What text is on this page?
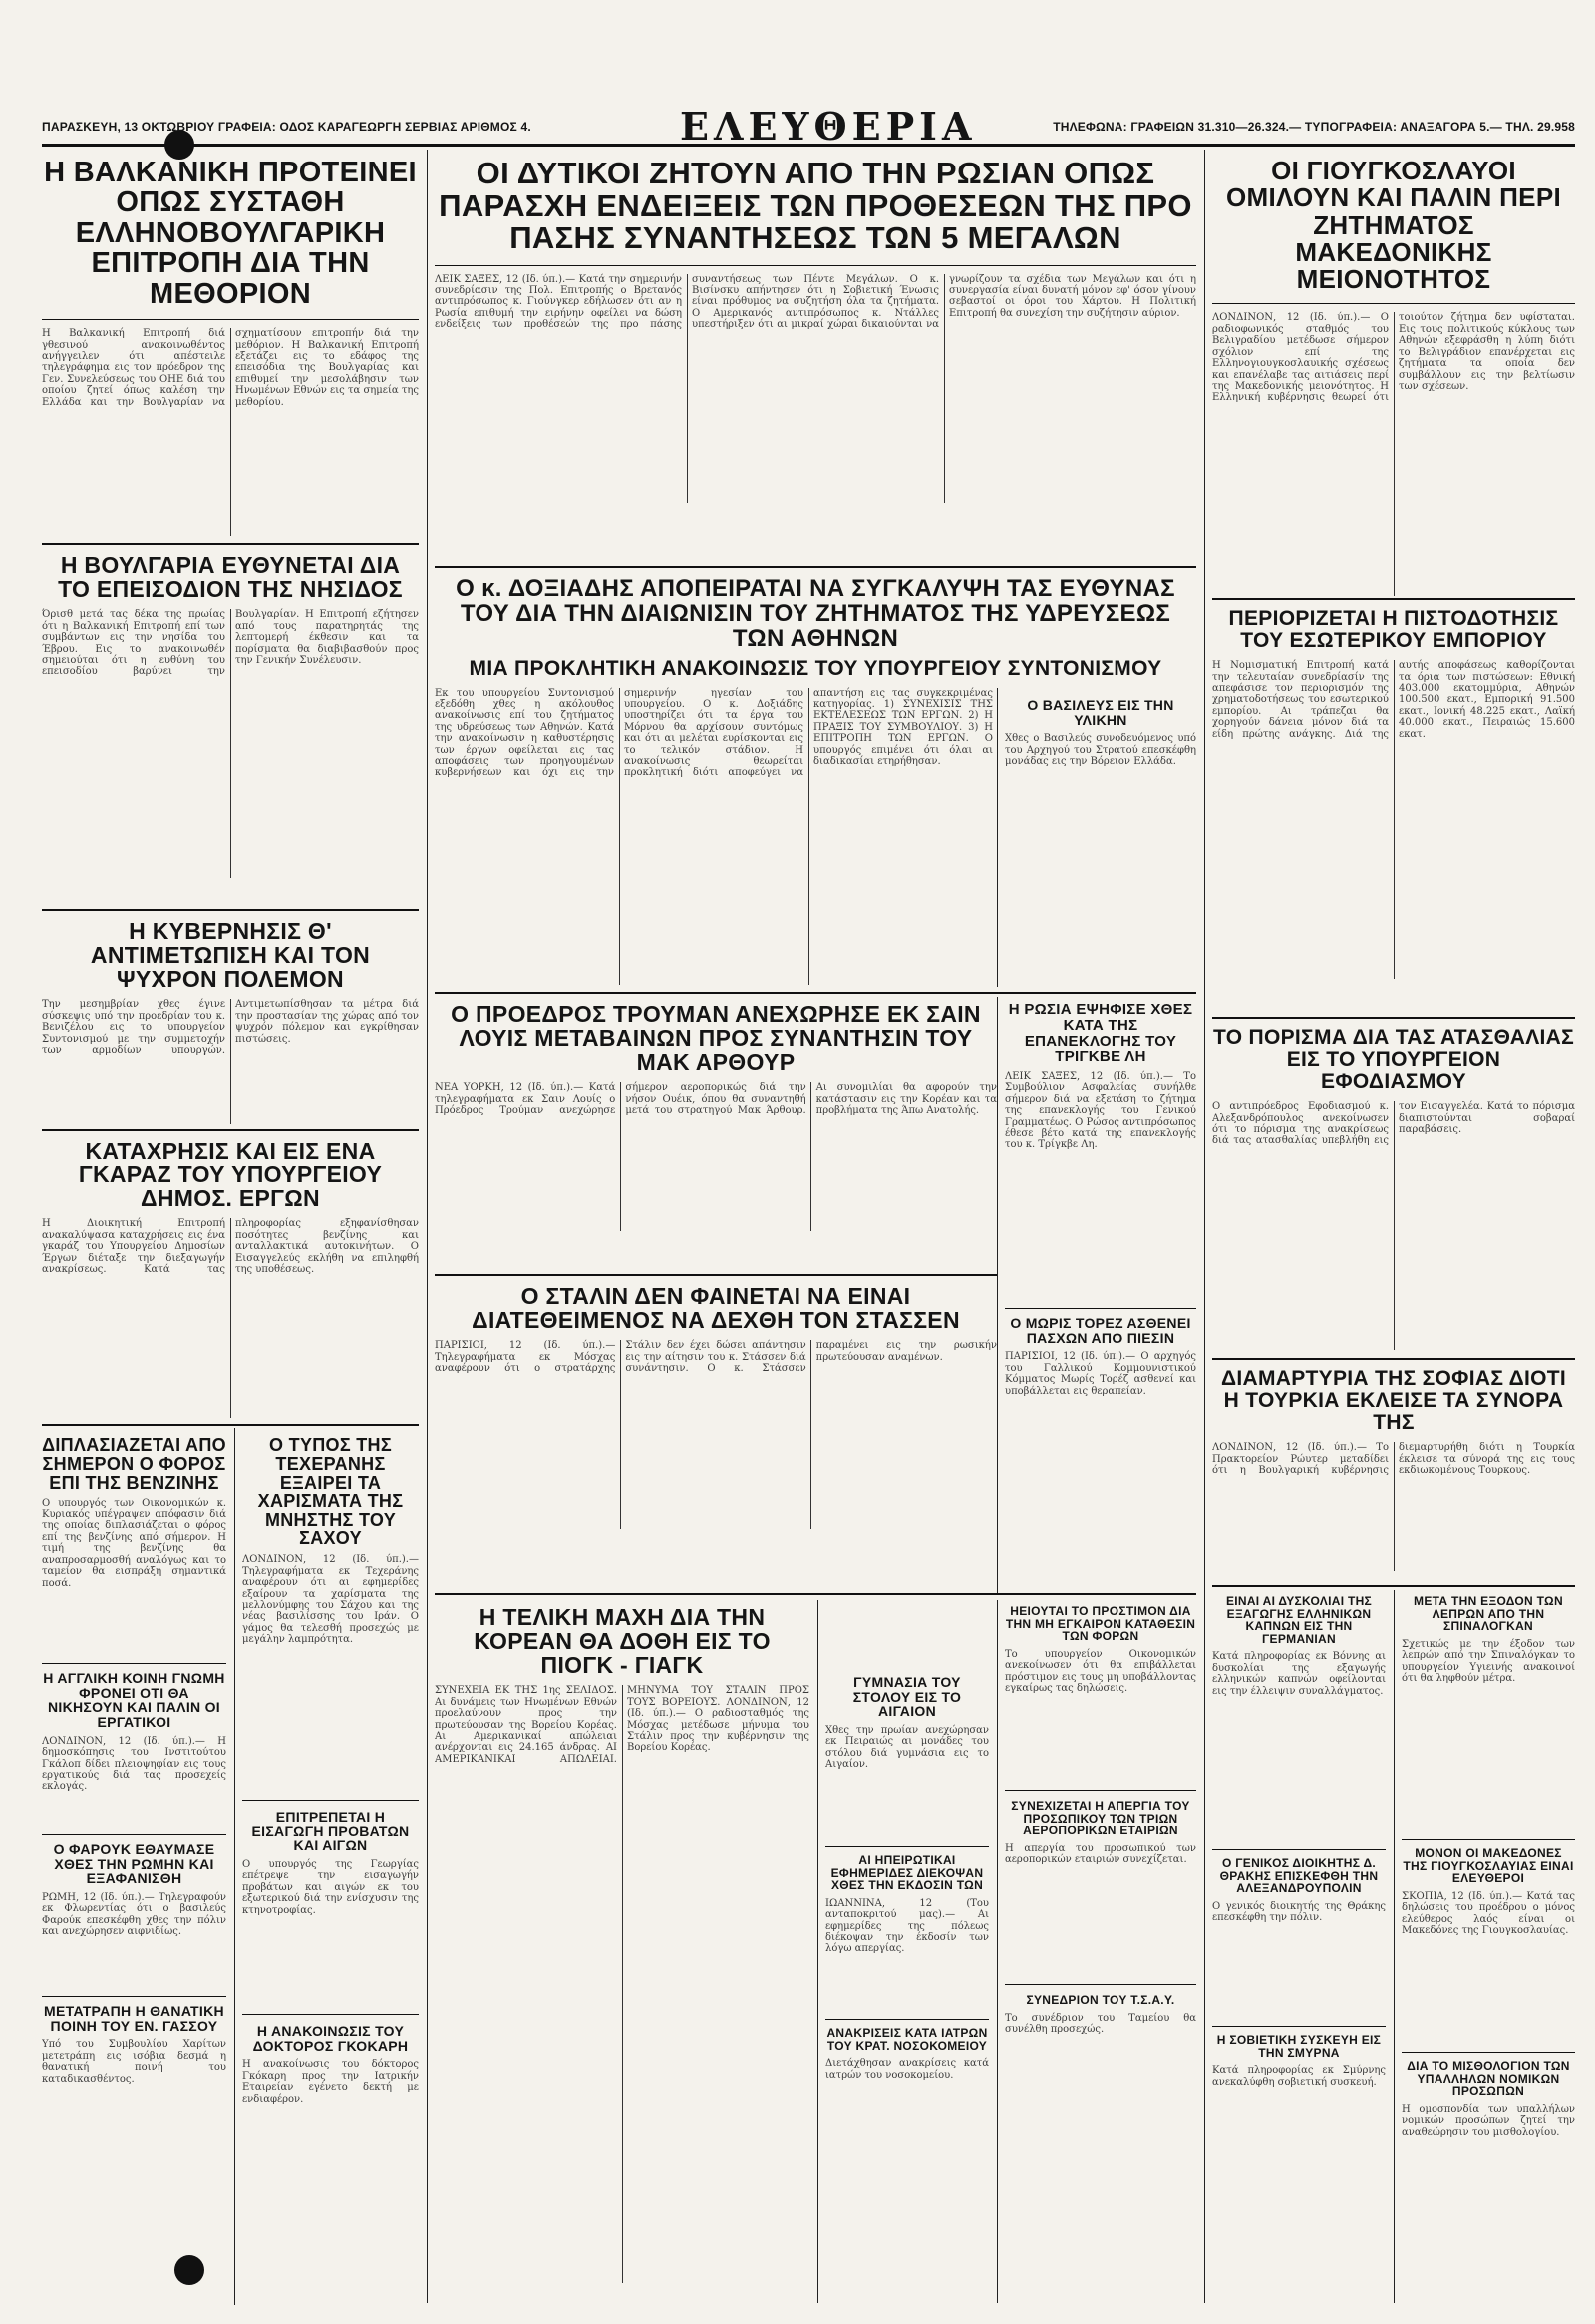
ΠΑΡΑΣΚΕΥΗ, 13 ΟΚΤΩΒΡΙΟΥ ΓΡΑΦΕΙΑ: ΟΔΟΣ ΚΑΡΑΓΕΩΡΓΗ ΣΕΡΒΙΑΣ ΑΡΙΘΜΟΣ 4.	ΕΛΕΥΘΕΡΙΑ	ΤΗΛΕΦΩΝΑ: ΓΡΑΦΕΙΩΝ 31.310—26.324.— ΤΥΠΟΓΡΑΦΕΙΑ: ΑΝΑΞΑΓΟΡΑ 5.— ΤΗΛ. 29.958
Η ΒΑΛΚΑΝΙΚΗ ΠΡΟΤΕΙΝΕΙ ΟΠΩΣ ΣΥΣΤΑΘΗ ΕΛΛΗΝΟΒΟΥΛΓΑΡΙΚΗ ΕΠΙΤΡΟΠΗ ΔΙΑ ΤΗΝ ΜΕΘΟΡΙΟΝ

Η Βαλκανική Επιτροπή διά γθεσινού ανακοινωθέντος ανήγγειλεν ότι απέστειλε τηλεγράφημα εις τον πρόεδρον της Γεν. Συνελεύσεως του ΟΗΕ διά του οποίου ζητεί όπως καλέση την Ελλάδα και την Βουλγαρίαν να σχηματίσουν επιτροπήν διά την μεθόριον. Η Βαλκανική Επιτροπή εξετάζει εις το εδάφος της επεισόδια της Βουλγαρίας και επιθυμεί την μεσολάβησιν των Ηνωμένων Εθνών εις τα σημεία της μεθορίου.

Η ΒΟΥΛΓΑΡΙΑ ΕΥΘΥΝΕΤΑΙ ΔΙΑ ΤΟ ΕΠΕΙΣΟΔΙΟΝ ΤΗΣ ΝΗΣΙΔΟΣ

Όρισθ μετά τας δέκα της πρωίας ότι η Βαλκανική Επιτροπή επί των συμβάντων εις την νησίδα του Έβρου. Εις το ανακοινωθέν σημειούται ότι η ευθύνη του επεισοδίου βαρύνει την Βουλγαρίαν. Η Επιτροπή εζήτησεν από τους παρατηρητάς της λεπτομερή έκθεσιν και τα πορίσματα θα διαβιβασθούν προς την Γενικήν Συνέλευσιν.

Η ΚΥΒΕΡΝΗΣΙΣ Θ' ΑΝΤΙΜΕΤΩΠΙΣΗ ΚΑΙ ΤΟΝ ΨΥΧΡΟΝ ΠΟΛΕΜΟΝ

Την μεσημβρίαν χθες έγινε σύσκεψις υπό την προεδρίαν του κ. Βενιζέλου εις το υπουργείον Συντονισμού με την συμμετοχήν των αρμοδίων υπουργών. Αντιμετωπίσθησαν τα μέτρα διά την προστασίαν της χώρας από τον ψυχρόν πόλεμον και εγκρίθησαν πιστώσεις.

ΚΑΤΑΧΡΗΣΙΣ ΚΑΙ ΕΙΣ ΕΝΑ ΓΚΑΡΑΖ ΤΟΥ ΥΠΟΥΡΓΕΙΟΥ ΔΗΜΟΣ. ΕΡΓΩΝ

Η Διοικητική Επιτροπή ανακαλύψασα καταχρήσεις εις ένα γκαράζ του Υπουργείου Δημοσίων Έργων διέταξε την διεξαγωγήν ανακρίσεως. Κατά τας πληροφορίας εξηφανίσθησαν ποσότητες βενζίνης και ανταλλακτικά αυτοκινήτων. Ο Εισαγγελεύς εκλήθη να επιληφθή της υποθέσεως.

ΔΙΠΛΑΣΙΑΖΕΤΑΙ ΑΠΟ ΣΗΜΕΡΟΝ Ο ΦΟΡΟΣ ΕΠΙ ΤΗΣ ΒΕΝΖΙΝΗΣ

Ο υπουργός των Οικονομικών κ. Κυριακός υπέγραψεν απόφασιν διά της οποίας διπλασιάζεται ο φόρος επί της βενζίνης από σήμερον. Η τιμή της βενζίνης θα αναπροσαρμοσθή αναλόγως και το ταμείον θα εισπράξη σημαντικά ποσά.

Η ΑΓΓΛΙΚΗ ΚΟΙΝΗ ΓΝΩΜΗ ΦΡΟΝΕΙ ΟΤΙ ΘΑ ΝΙΚΗΣΟΥΝ ΚΑΙ ΠΑΛΙΝ ΟΙ ΕΡΓΑΤΙΚΟΙ

ΛΟΝΔΙΝΟΝ, 12 (Ιδ. ύπ.).— Η δημοσκόπησις του Ινστιτούτου Γκάλοπ δίδει πλειοψηφίαν εις τους εργατικούς διά τας προσεχείς εκλογάς.

Ο ΦΑΡΟΥΚ ΕΘΑΥΜΑΣΕ ΧΘΕΣ ΤΗΝ ΡΩΜΗΝ ΚΑΙ ΕΞΑΦΑΝΙΣΘΗ

ΡΩΜΗ, 12 (Ιδ. ύπ.).— Τηλεγραφούν εκ Φλωρεντίας ότι ο βασιλεύς Φαρούκ επεσκέφθη χθες την πόλιν και ανεχώρησεν αιφνιδίως.

ΜΕΤΑΤΡΑΠΗ Η ΘΑΝΑΤΙΚΗ ΠΟΙΝΗ ΤΟΥ ΕΝ. ΓΑΣΣΟΥ

Υπό του Συμβουλίου Χαρίτων μετετράπη εις ισόβια δεσμά η θανατική ποινή του καταδικασθέντος.

Ο ΤΥΠΟΣ ΤΗΣ ΤΕΧΕΡΑΝΗΣ ΕΞΑΙΡΕΙ ΤΑ ΧΑΡΙΣΜΑΤΑ ΤΗΣ ΜΝΗΣΤΗΣ ΤΟΥ ΣΑΧΟΥ

ΛΟΝΔΙΝΟΝ, 12 (Ιδ. ύπ.).— Τηλεγραφήματα εκ Τεχεράνης αναφέρουν ότι αι εφημερίδες εξαίρουν τα χαρίσματα της μελλονύμφης του Σάχου και της νέας βασιλίσσης του Ιράν. Ο γάμος θα τελεσθή προσεχώς με μεγάλην λαμπρότητα.

ΕΠΙΤΡΕΠΕΤΑΙ Η ΕΙΣΑΓΩΓΗ ΠΡΟΒΑΤΩΝ ΚΑΙ ΑΙΓΩΝ

Ο υπουργός της Γεωργίας επέτρεψε την εισαγωγήν προβάτων και αιγών εκ του εξωτερικού διά την ενίσχυσιν της κτηνοτροφίας.

Η ΑΝΑΚΟΙΝΩΣΙΣ ΤΟΥ ΔΟΚΤΟΡΟΣ ΓΚΟΚΑΡΗ

Η ανακοίνωσις του δόκτορος Γκόκαρη προς την Ιατρικήν Εταιρείαν εγένετο δεκτή με ενδιαφέρον.

ΟΙ ΔΥΤΙΚΟΙ ΖΗΤΟΥΝ ΑΠΟ ΤΗΝ ΡΩΣΙΑΝ ΟΠΩΣ ΠΑΡΑΣΧΗ ΕΝΔΕΙΞΕΙΣ ΤΩΝ ΠΡΟΘΕΣΕΩΝ ΤΗΣ ΠΡΟ ΠΑΣΗΣ ΣΥΝΑΝΤΗΣΕΩΣ ΤΩΝ 5 ΜΕΓΑΛΩΝ

ΛΕΙΚ ΣΑΞΕΣ, 12 (Ιδ. ύπ.).— Κατά την σημερινήν συνεδρίασιν της Πολ. Επιτροπής ο Βρετανός αντιπρόσωπος κ. Γιούνγκερ εδήλωσεν ότι αν η Ρωσία επιθυμή την ειρήνην οφείλει να δώση ενδείξεις των προθέσεών της προ πάσης συναντήσεως των Πέντε Μεγάλων. Ο κ. Βισίνσκυ απήντησεν ότι η Σοβιετική Ένωσις είναι πρόθυμος να συζητήση όλα τα ζητήματα. Ο Αμερικανός αντιπρόσωπος κ. Ντάλλες υπεστήριξεν ότι αι μικραί χώραι δικαιούνται να γνωρίζουν τα σχέδια των Μεγάλων και ότι η συνεργασία είναι δυνατή μόνον εφ' όσον γίνουν σεβαστοί οι όροι του Χάρτου. Η Πολιτική Επιτροπή θα συνεχίση την συζήτησιν αύριον.

Ο κ. ΔΟΞΙΑΔΗΣ ΑΠΟΠΕΙΡΑΤΑΙ ΝΑ ΣΥΓΚΑΛΥΨΗ ΤΑΣ ΕΥΘΥΝΑΣ ΤΟΥ ΔΙΑ ΤΗΝ ΔΙΑΙΩΝΙΣΙΝ ΤΟΥ ΖΗΤΗΜΑΤΟΣ ΤΗΣ ΥΔΡΕΥΣΕΩΣ ΤΩΝ ΑΘΗΝΩΝ
ΜΙΑ ΠΡΟΚΛΗΤΙΚΗ ΑΝΑΚΟΙΝΩΣΙΣ ΤΟΥ ΥΠΟΥΡΓΕΙΟΥ ΣΥΝΤΟΝΙΣΜΟΥ

Εκ του υπουργείου Συντονισμού εξεδόθη χθες η ακόλουθος ανακοίνωσις επί του ζητήματος της υδρεύσεως των Αθηνών. Κατά την ανακοίνωσιν η καθυστέρησις των έργων οφείλεται εις τας αποφάσεις των προηγουμένων κυβερνήσεων και όχι εις την σημερινήν ηγεσίαν του υπουργείου. Ο κ. Δοξιάδης υποστηρίζει ότι τα έργα του Μόρνου θα αρχίσουν συντόμως και ότι αι μελέται ευρίσκονται εις το τελικόν στάδιον. Η ανακοίνωσις θεωρείται προκλητική διότι αποφεύγει να απαντήση εις τας συγκεκριμένας κατηγορίας. 1) ΣΥΝΕΧΙΣΙΣ ΤΗΣ ΕΚΤΕΛΕΣΕΩΣ ΤΩΝ ΕΡΓΩΝ. 2) Η ΠΡΑΞΙΣ ΤΟΥ ΣΥΜΒΟΥΛΙΟΥ. 3) Η ΕΠΙΤΡΟΠΗ ΤΩΝ ΕΡΓΩΝ. Ο υπουργός επιμένει ότι όλαι αι διαδικασίαι ετηρήθησαν.

Ο ΒΑΣΙΛΕΥΣ ΕΙΣ ΤΗΝ ΥΛΙΚΗΝ

Χθες ο Βασιλεύς συνοδευόμενος υπό του Αρχηγού του Στρατού επεσκέφθη μονάδας εις την Βόρειον Ελλάδα.

Ο ΠΡΟΕΔΡΟΣ ΤΡΟΥΜΑΝ ΑΝΕΧΩΡΗΣΕ ΕΚ ΣΑΙΝ ΛΟΥΙΣ ΜΕΤΑΒΑΙΝΩΝ ΠΡΟΣ ΣΥΝΑΝΤΗΣΙΝ ΤΟΥ ΜΑΚ ΑΡΘΟΥΡ

ΝΕΑ ΥΟΡΚΗ, 12 (Ιδ. ύπ.).— Κατά τηλεγραφήματα εκ Σαιν Λουίς ο Πρόεδρος Τρούμαν ανεχώρησε σήμερον αεροπορικώς διά την νήσον Ουέικ, όπου θα συναντηθή μετά του στρατηγού Μακ Άρθουρ. Αι συνομιλίαι θα αφορούν την κατάστασιν εις την Κορέαν και τα προβλήματα της Άπω Ανατολής.

Η ΡΩΣΙΑ ΕΨΗΦΙΣΕ ΧΘΕΣ ΚΑΤΑ ΤΗΣ ΕΠΑΝΕΚΛΟΓΗΣ ΤΟΥ ΤΡΙΓΚΒΕ ΛΗ

ΛΕΙΚ ΣΑΞΕΣ, 12 (Ιδ. ύπ.).— Το Συμβούλιον Ασφαλείας συνήλθε σήμερον διά να εξετάση το ζήτημα της επανεκλογής του Γενικού Γραμματέως. Ο Ρώσος αντιπρόσωπος έθεσε βέτο κατά της επανεκλογής του κ. Τρίγκβε Λη.

Ο ΣΤΑΛΙΝ ΔΕΝ ΦΑΙΝΕΤΑΙ ΝΑ ΕΙΝΑΙ ΔΙΑΤΕΘΕΙΜΕΝΟΣ ΝΑ ΔΕΧΘΗ ΤΟΝ ΣΤΑΣΣΕΝ

ΠΑΡΙΣΙΟΙ, 12 (Ιδ. ύπ.).— Τηλεγραφήματα εκ Μόσχας αναφέρουν ότι ο στρατάρχης Στάλιν δεν έχει δώσει απάντησιν εις την αίτησιν του κ. Στάσσεν διά συνάντησιν. Ο κ. Στάσσεν παραμένει εις την ρωσικήν πρωτεύουσαν αναμένων.

Ο ΜΩΡΙΣ ΤΟΡΕΖ ΑΣΘΕΝΕΙ ΠΑΣΧΩΝ ΑΠΟ ΠΙΕΣΙΝ

ΠΑΡΙΣΙΟΙ, 12 (Ιδ. ύπ.).— Ο αρχηγός του Γαλλικού Κομμουνιστικού Κόμματος Μωρίς Τορέζ ασθενεί και υποβάλλεται εις θεραπείαν.

Η ΤΕΛΙΚΗ ΜΑΧΗ ΔΙΑ ΤΗΝ ΚΟΡΕΑΝ ΘΑ ΔΟΘΗ ΕΙΣ ΤΟ ΠΙΟΓΚ - ΓΙΑΓΚ

ΣΥΝΕΧΕΙΑ ΕΚ ΤΗΣ 1ης ΣΕΛΙΔΟΣ. Αι δυνάμεις των Ηνωμένων Εθνών προελαύνουν προς την πρωτεύουσαν της Βορείου Κορέας. Αι Αμερικανικαί απώλειαι ανέρχονται εις 24.165 άνδρας. ΑΙ ΑΜΕΡΙΚΑΝΙΚΑΙ ΑΠΩΛΕΙΑΙ. ΜΗΝΥΜΑ ΤΟΥ ΣΤΑΛΙΝ ΠΡΟΣ ΤΟΥΣ ΒΟΡΕΙΟΥΣ. ΛΟΝΔΙΝΟΝ, 12 (Ιδ. ύπ.).— Ο ραδιοσταθμός της Μόσχας μετέδωσε μήνυμα του Στάλιν προς την κυβέρνησιν της Βορείου Κορέας.

ΓΥΜΝΑΣΙΑ ΤΟΥ ΣΤΟΛΟΥ ΕΙΣ ΤΟ ΑΙΓΑΙΟΝ

Χθες την πρωίαν ανεχώρησαν εκ Πειραιώς αι μονάδες του στόλου διά γυμνάσια εις το Αιγαίον.

ΑΙ ΗΠΕΙΡΩΤΙΚΑΙ ΕΦΗΜΕΡΙΔΕΣ ΔΙΕΚΟΨΑΝ ΧΘΕΣ ΤΗΝ ΕΚΔΟΣΙΝ ΤΩΝ

ΙΩΑΝΝΙΝΑ, 12 (Του ανταποκριτού μας).— Αι εφημερίδες της πόλεως διέκοψαν την έκδοσίν των λόγω απεργίας.

ΑΝΑΚΡΙΣΕΙΣ ΚΑΤΑ ΙΑΤΡΩΝ ΤΟΥ ΚΡΑΤ. ΝΟΣΟΚΟΜΕΙΟΥ

Διετάχθησαν ανακρίσεις κατά ιατρών του νοσοκομείου.

ΗΕΙΟΥΤΑΙ ΤΟ ΠΡΟΣΤΙΜΟΝ ΔΙΑ ΤΗΝ ΜΗ ΕΓΚΑΙΡΟΝ ΚΑΤΑΘΕΣΙΝ ΤΩΝ ΦΟΡΩΝ

Το υπουργείον Οικονομικών ανεκοίνωσεν ότι θα επιβάλλεται πρόστιμον εις τους μη υποβάλλοντας εγκαίρως τας δηλώσεις.

ΣΥΝΕΧΙΖΕΤΑΙ Η ΑΠΕΡΓΙΑ ΤΟΥ ΠΡΟΣΩΠΙΚΟΥ ΤΩΝ ΤΡΙΩΝ ΑΕΡΟΠΟΡΙΚΩΝ ΕΤΑΙΡΙΩΝ

Η απεργία του προσωπικού των αεροπορικών εταιριών συνεχίζεται.

ΣΥΝΕΔΡΙΟΝ ΤΟΥ Τ.Σ.Α.Υ.

Το συνέδριον του Ταμείου θα συνέλθη προσεχώς.

ΟΙ ΓΙΟΥΓΚΟΣΛΑΥΟΙ ΟΜΙΛΟΥΝ ΚΑΙ ΠΑΛΙΝ ΠΕΡΙ ΖΗΤΗΜΑΤΟΣ ΜΑΚΕΔΟΝΙΚΗΣ ΜΕΙΟΝΟΤΗΤΟΣ

ΛΟΝΔΙΝΟΝ, 12 (Ιδ. ύπ.).— Ο ραδιοφωνικός σταθμός του Βελιγραδίου μετέδωσε σήμερον σχόλιον επί της Ελληνογιουγκοσλαυικής σχέσεως και επανέλαβε τας αιτιάσεις περί της Μακεδονικής μειονότητος. Η Ελληνική κυβέρνησις θεωρεί ότι τοιούτον ζήτημα δεν υφίσταται. Εις τους πολιτικούς κύκλους των Αθηνών εξεφράσθη η λύπη διότι το Βελιγράδιον επανέρχεται εις ζητήματα τα οποία δεν συμβάλλουν εις την βελτίωσιν των σχέσεων.

ΠΕΡΙΟΡΙΖΕΤΑΙ Η ΠΙΣΤΟΔΟΤΗΣΙΣ ΤΟΥ ΕΣΩΤΕΡΙΚΟΥ ΕΜΠΟΡΙΟΥ

Η Νομισματική Επιτροπή κατά την τελευταίαν συνεδρίασίν της απεφάσισε τον περιορισμόν της χρηματοδοτήσεως του εσωτερικού εμπορίου. Αι τράπεζαι θα χορηγούν δάνεια μόνον διά τα είδη πρώτης ανάγκης. Διά της αυτής αποφάσεως καθορίζονται τα όρια των πιστώσεων: Εθνική 403.000 εκατομμύρια, Αθηνών 100.500 εκατ., Εμπορική 91.500 εκατ., Ιονική 48.225 εκατ., Λαϊκή 40.000 εκατ., Πειραιώς 15.600 εκατ.

ΤΟ ΠΟΡΙΣΜΑ ΔΙΑ ΤΑΣ ΑΤΑΣΘΑΛΙΑΣ ΕΙΣ ΤΟ ΥΠΟΥΡΓΕΙΟΝ ΕΦΟΔΙΑΣΜΟΥ

Ο αντιπρόεδρος Εφοδιασμού κ. Αλεξανδρόπουλος ανεκοίνωσεν ότι το πόρισμα της ανακρίσεως διά τας ατασθαλίας υπεβλήθη εις τον Εισαγγελέα. Κατά το πόρισμα διαπιστούνται σοβαραί παραβάσεις.

ΔΙΑΜΑΡΤΥΡΙΑ ΤΗΣ ΣΟΦΙΑΣ ΔΙΟΤΙ Η ΤΟΥΡΚΙΑ ΕΚΛΕΙΣΕ ΤΑ ΣΥΝΟΡΑ ΤΗΣ

ΛΟΝΔΙΝΟΝ, 12 (Ιδ. ύπ.).— Το Πρακτορείον Ρώυτερ μεταδίδει ότι η Βουλγαρική κυβέρνησις διεμαρτυρήθη διότι η Τουρκία έκλεισε τα σύνορά της εις τους εκδιωκομένους Τουρκους.

ΕΙΝΑΙ ΑΙ ΔΥΣΚΟΛΙΑΙ ΤΗΣ ΕΞΑΓΩΓΗΣ ΕΛΛΗΝΙΚΩΝ ΚΑΠΝΩΝ ΕΙΣ ΤΗΝ ΓΕΡΜΑΝΙΑΝ

Κατά πληροφορίας εκ Βόννης αι δυσκολίαι της εξαγωγής ελληνικών καπνών οφείλονται εις την έλλειψιν συναλλάγματος.

Ο ΓΕΝΙΚΟΣ ΔΙΟΙΚΗΤΗΣ Δ. ΘΡΑΚΗΣ ΕΠΙΣΚΕΦΘΗ ΤΗΝ ΑΛΕΞΑΝΔΡΟΥΠΟΛΙΝ

Ο γενικός διοικητής της Θράκης επεσκέφθη την πόλιν.

Η ΣΟΒΙΕΤΙΚΗ ΣΥΣΚΕΥΗ ΕΙΣ ΤΗΝ ΣΜΥΡΝΑ

Κατά πληροφορίας εκ Σμύρνης ανεκαλύφθη σοβιετική συσκευή.

ΜΕΤΑ ΤΗΝ ΕΞΟΔΟΝ ΤΩΝ ΛΕΠΡΩΝ ΑΠΟ ΤΗΝ ΣΠΙΝΑΛΟΓΚΑΝ

Σχετικώς με την έξοδον των λεπρών από την Σπιναλόγκαν το υπουργείον Υγιεινής ανακοινοί ότι θα ληφθούν μέτρα.

ΜΟΝΟΝ ΟΙ ΜΑΚΕΔΟΝΕΣ ΤΗΣ ΓΙΟΥΓΚΟΣΛΑΥΙΑΣ ΕΙΝΑΙ ΕΛΕΥΘΕΡΟΙ

ΣΚΟΠΙΑ, 12 (Ιδ. ύπ.).— Κατά τας δηλώσεις του προέδρου ο μόνος ελεύθερος λαός είναι οι Μακεδόνες της Γιουγκοσλαυίας.

ΔΙΑ ΤΟ ΜΙΣΘΟΛΟΓΙΟΝ ΤΩΝ ΥΠΑΛΛΗΛΩΝ ΝΟΜΙΚΩΝ ΠΡΟΣΩΠΩΝ

Η ομοσπονδία των υπαλλήλων νομικών προσώπων ζητεί την αναθεώρησιν του μισθολογίου.
